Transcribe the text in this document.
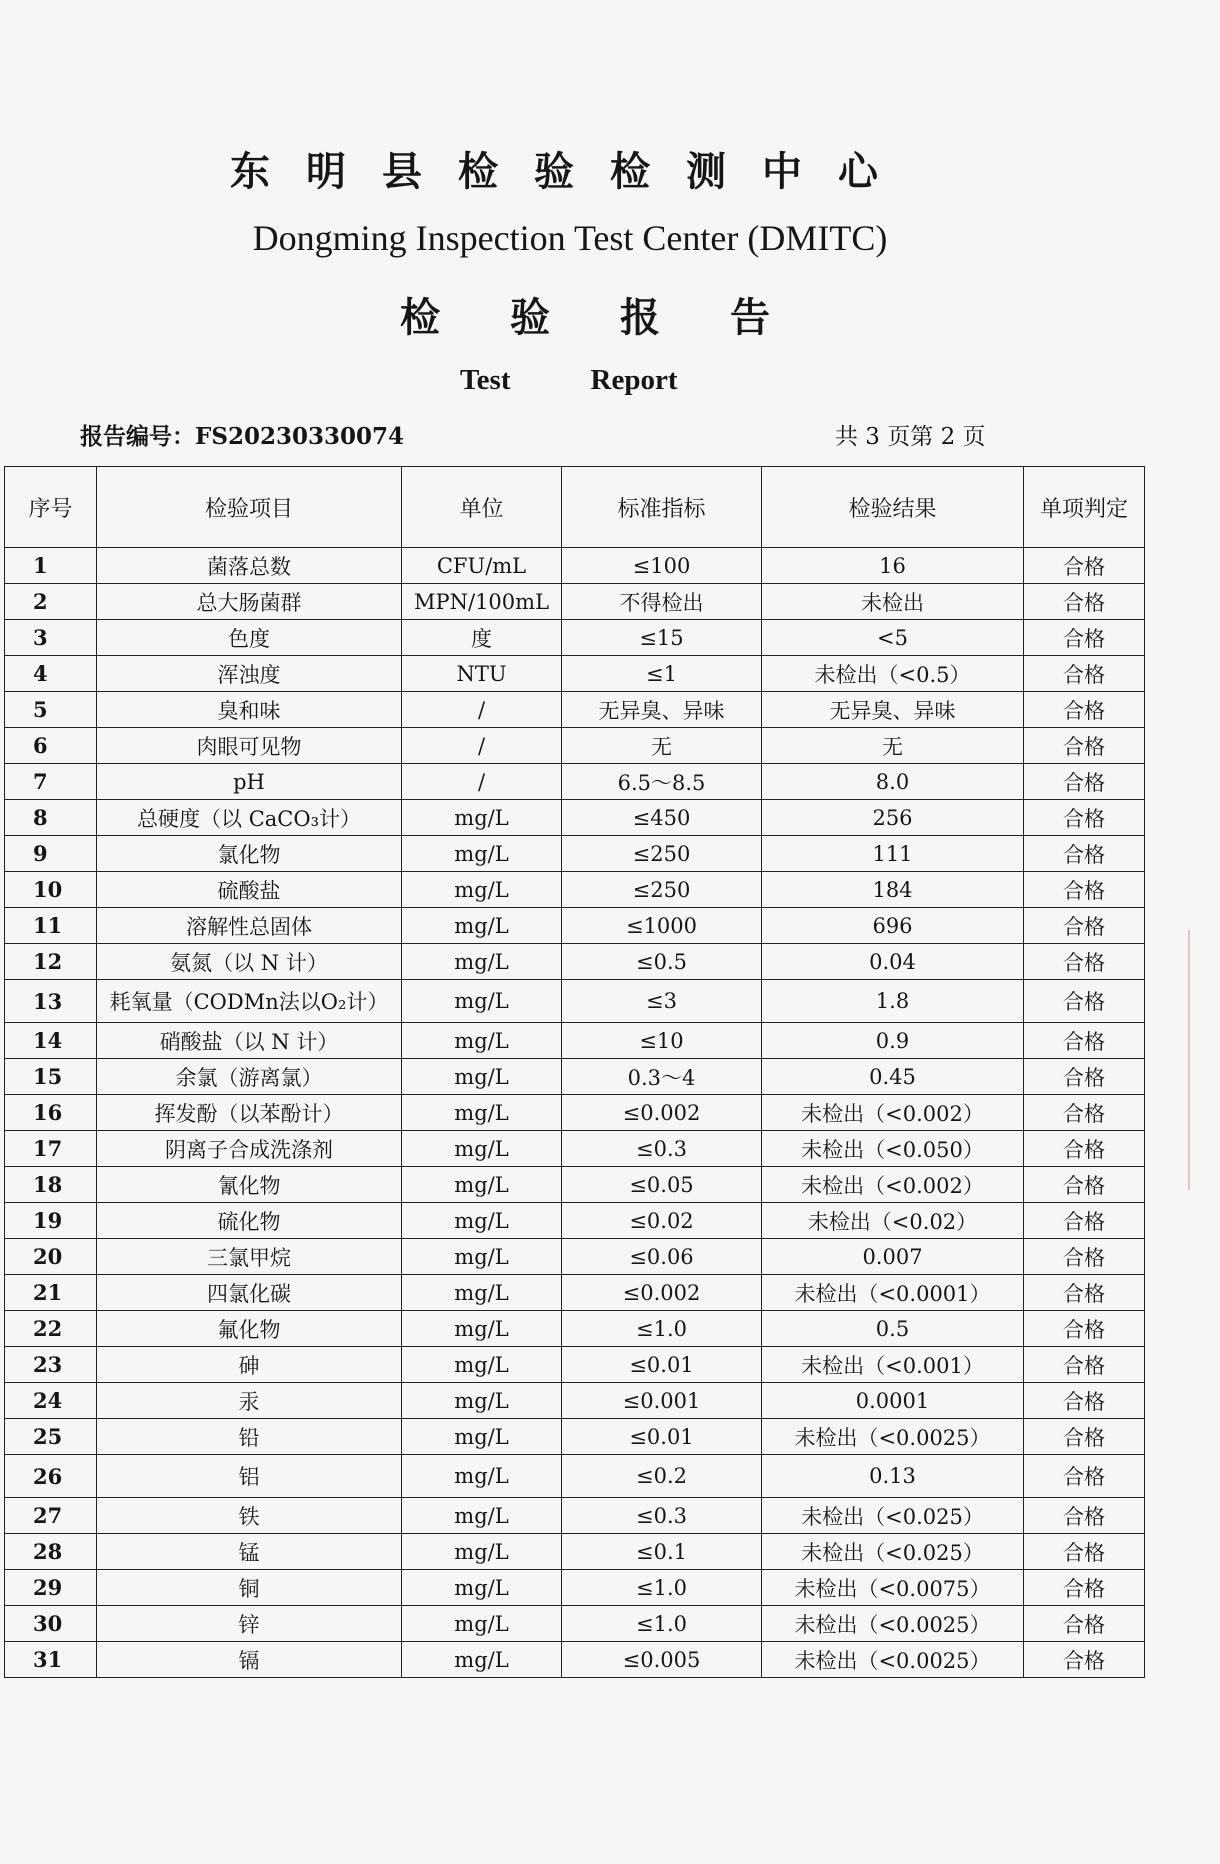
东明县检验检测中心
Dongming Inspection Test Center (DMITC)
检验报告
Test	Report
报告编号：FS20230330074	共 3 页第 2 页
序号	检验项目	单位	标准指标	检验结果	单项判定
1	菌落总数	CFU/mL	≤100	16	合格
2	总大肠菌群	MPN/100mL	不得检出	未检出	合格
3	色度	度	≤15	<5	合格
4	浑浊度	NTU	≤1	未检出（<0.5）	合格
5	臭和味	/	无异臭、异味	无异臭、异味	合格
6	肉眼可见物	/	无	无	合格
7	pH	/	6.5～8.5	8.0	合格
8	总硬度（以 CaCO₃计）	mg/L	≤450	256	合格
9	氯化物	mg/L	≤250	111	合格
10	硫酸盐	mg/L	≤250	184	合格
11	溶解性总固体	mg/L	≤1000	696	合格
12	氨氮（以 N 计）	mg/L	≤0.5	0.04	合格
13	耗氧量（CODMn法以O₂计）	mg/L	≤3	1.8	合格
14	硝酸盐（以 N 计）	mg/L	≤10	0.9	合格
15	余氯（游离氯）	mg/L	0.3～4	0.45	合格
16	挥发酚（以苯酚计）	mg/L	≤0.002	未检出（<0.002）	合格
17	阴离子合成洗涤剂	mg/L	≤0.3	未检出（<0.050）	合格
18	氰化物	mg/L	≤0.05	未检出（<0.002）	合格
19	硫化物	mg/L	≤0.02	未检出（<0.02）	合格
20	三氯甲烷	mg/L	≤0.06	0.007	合格
21	四氯化碳	mg/L	≤0.002	未检出（<0.0001）	合格
22	氟化物	mg/L	≤1.0	0.5	合格
23	砷	mg/L	≤0.01	未检出（<0.001）	合格
24	汞	mg/L	≤0.001	0.0001	合格
25	铅	mg/L	≤0.01	未检出（<0.0025）	合格
26	铝	mg/L	≤0.2	0.13	合格
27	铁	mg/L	≤0.3	未检出（<0.025）	合格
28	锰	mg/L	≤0.1	未检出（<0.025）	合格
29	铜	mg/L	≤1.0	未检出（<0.0075）	合格
30	锌	mg/L	≤1.0	未检出（<0.0025）	合格
31	镉	mg/L	≤0.005	未检出（<0.0025）	合格
